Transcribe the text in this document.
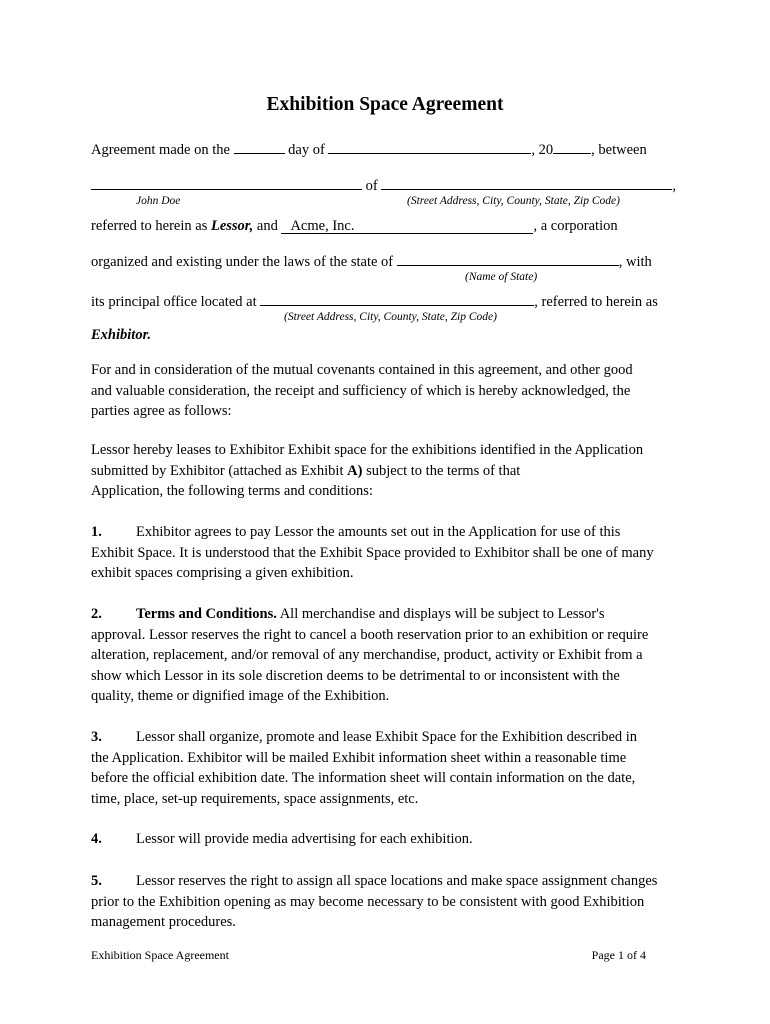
Exhibition Space Agreement
Agreement made on the	day of	, 20	, between
of	,
John Doe	(Street Address, City, County, State, Zip Code)
referred to herein as Lessor, and Acme, Inc.	, a corporation
organized and existing under the laws of the state of	, with
(Name of State)
its principal office located at	, referred to herein as
(Street Address, City, County, State, Zip Code)
Exhibitor.
For and in consideration of the mutual covenants contained in this agreement, and other good
and valuable consideration, the receipt and sufficiency of which is hereby acknowledged, the
parties agree as follows:
Lessor hereby leases to Exhibitor Exhibit space for the exhibitions identified in the Application
submitted by Exhibitor (attached as Exhibit A) subject to the terms of that
Application, the following terms and conditions:
1. Exhibitor agrees to pay Lessor the amounts set out in the Application for use of this
Exhibit Space. It is understood that the Exhibit Space provided to Exhibitor shall be one of many
exhibit spaces comprising a given exhibition.
2. Terms and Conditions. All merchandise and displays will be subject to Lessor's
approval. Lessor reserves the right to cancel a booth reservation prior to an exhibition or require
alteration, replacement, and/or removal of any merchandise, product, activity or Exhibit from a
show which Lessor in its sole discretion deems to be detrimental to or inconsistent with the
quality, theme or dignified image of the Exhibition.
3. Lessor shall organize, promote and lease Exhibit Space for the Exhibition described in
the Application. Exhibitor will be mailed Exhibit information sheet within a reasonable time
before the official exhibition date. The information sheet will contain information on the date,
time, place, set-up requirements, space assignments, etc.
4. Lessor will provide media advertising for each exhibition.
5. Lessor reserves the right to assign all space locations and make space assignment changes
prior to the Exhibition opening as may become necessary to be consistent with good Exhibition
management procedures.
Exhibition Space Agreement	Page 1 of 4
